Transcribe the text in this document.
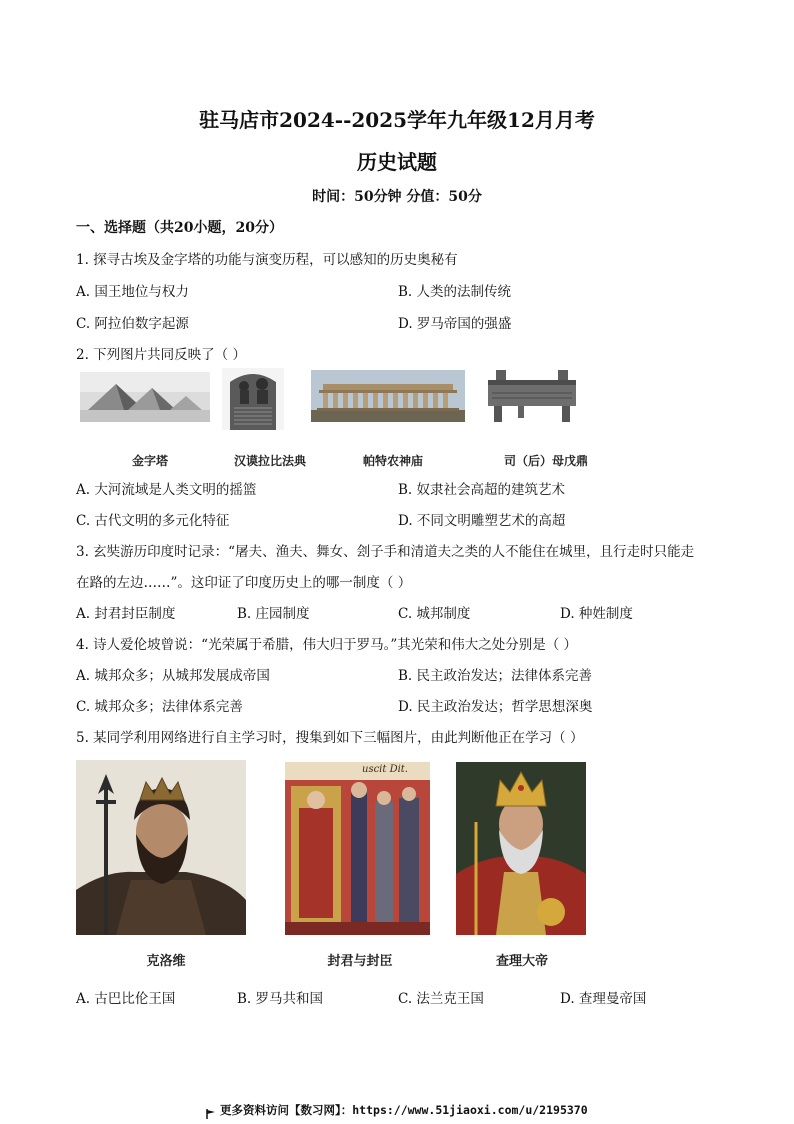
驻马店市2024--2025学年九年级12月月考
历史试题
时间：50分钟 分值：50分
一、选择题（共20小题，20分）
1. 探寻古埃及金字塔的功能与演变历程，可以感知的历史奥秘有
A. 国王地位与权力	B. 人类的法制传统
C. 阿拉伯数字起源	D. 罗马帝国的强盛
2. 下列图片共同反映了（ ）
金字塔	汉谟拉比法典	帕特农神庙	司（后）母戊鼎
A. 大河流域是人类文明的摇篮	B. 奴隶社会高超的建筑艺术
C. 古代文明的多元化特征	D. 不同文明雕塑艺术的高超
3. 玄奘游历印度时记录：“屠夫、渔夫、舞女、刽子手和清道夫之类的人不能住在城里，且行走时只能走
在路的左边……”。这印证了印度历史上的哪一制度（ ）
A. 封君封臣制度	B. 庄园制度	C. 城邦制度	D. 种姓制度
4. 诗人爱伦坡曾说：“光荣属于希腊，伟大归于罗马。”其光荣和伟大之处分别是（ ）
A. 城邦众多；从城邦发展成帝国	B. 民主政治发达；法律体系完善
C. 城邦众多；法律体系完善	D. 民主政治发达；哲学思想深奥
5. 某同学利用网络进行自主学习时，搜集到如下三幅图片，由此判断他正在学习（ ）
uscit Dit.
克洛维	封君与封臣	查理大帝
A. 古巴比伦王国	B. 罗马共和国	C. 法兰克王国	D. 查理曼帝国
更多资料访问【数习网】：https://www.51jiaoxi.com/u/2195370
